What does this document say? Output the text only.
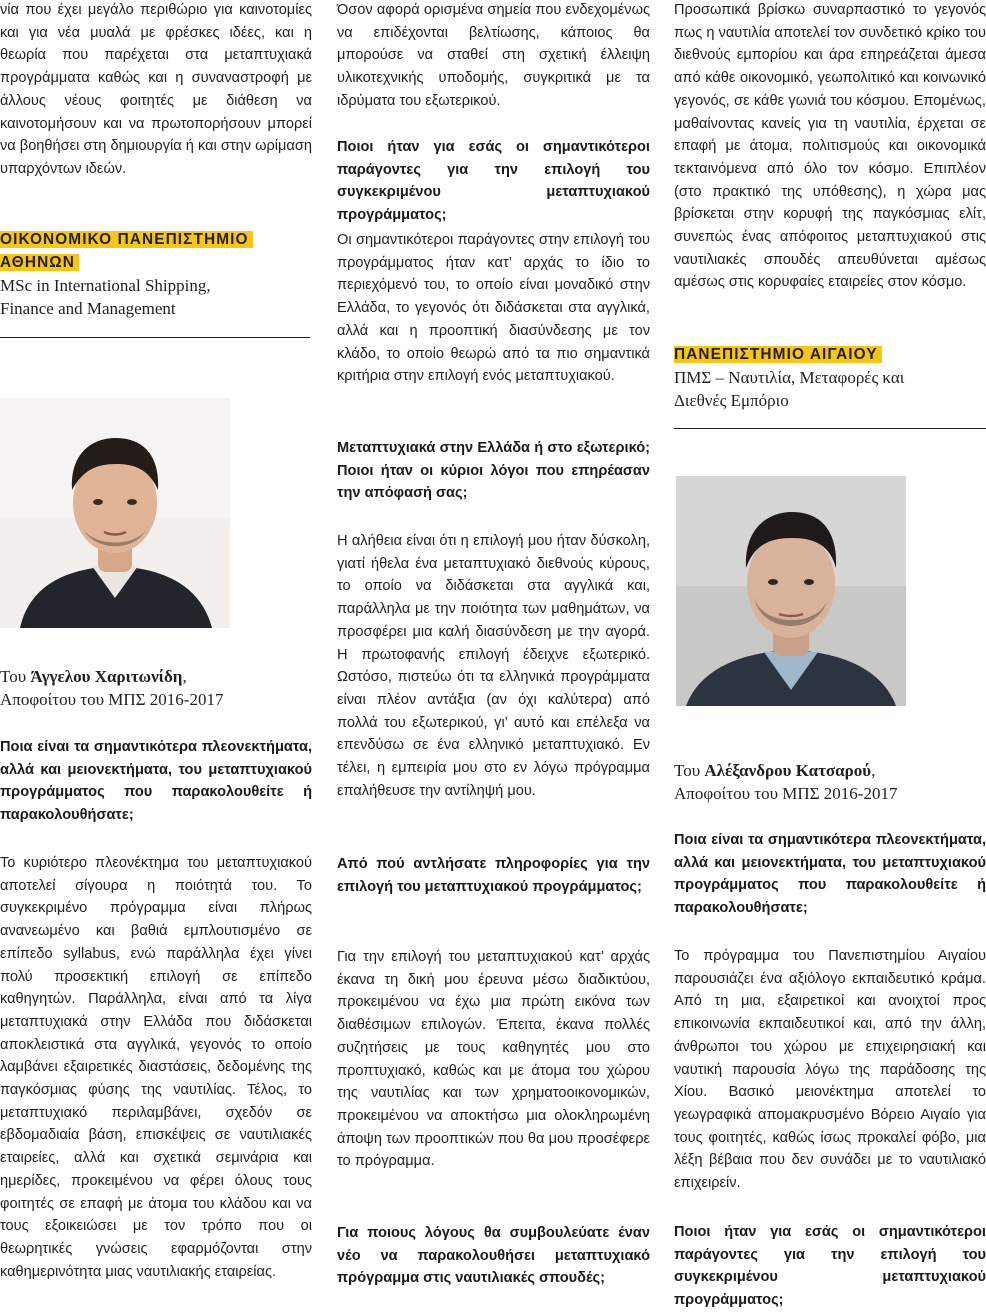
νία που έχει μεγάλο περιθώριο για καινοτομίες και για νέα μυαλά με φρέσκες ιδέες, και η θεωρία που παρέχεται στα μεταπτυχιακά προγράμματα καθώς και η συναναστροφή με άλλους νέους φοιτητές με διάθεση να καινοτομήσουν και να πρωτοπορήσουν μπορεί να βοηθήσει στη δημιουργία ή και στην ωρίμαση υπαρχόντων ιδεών.

ΟΙΚΟΝΟΜΙΚΟ ΠΑΝΕΠΙΣΤΗΜΙΟ
ΑΘΗΝΩΝ
MSc in International Shipping, Finance and Management
Του Άγγελου Χαριτωνίδη,
Αποφοίτου του ΜΠΣ 2016-2017

Ποια είναι τα σημαντικότερα πλεονεκτήματα, αλλά και μειονεκτήματα, του μεταπτυχιακού προγράμματος που παρακολουθείτε ή παρακολουθήσατε;

Το κυριότερο πλεονέκτημα του μεταπτυχιακού αποτελεί σίγουρα η ποιότητά του. Το συγκεκριμένο πρόγραμμα είναι πλήρως ανανεωμένο και βαθιά εμπλουτισμένο σε επίπεδο syllabus, ενώ παράλληλα έχει γίνει πολύ προσεκτική επιλογή σε επίπεδο καθηγητών. Παράλληλα, είναι από τα λίγα μεταπτυχιακά στην Ελλάδα που διδάσκεται αποκλειστικά στα αγγλικά, γεγονός το οποίο λαμβάνει εξαιρετικές διαστάσεις, δεδομένης της παγκόσμιας φύσης της ναυτιλίας. Τέλος, το μεταπτυχιακό περιλαμβάνει, σχεδόν σε εβδομαδιαία βάση, επισκέψεις σε ναυτιλιακές εταιρείες, αλλά και σχετικά σεμινάρια και ημερίδες, προκειμένου να φέρει όλους τους φοιτητές σε επαφή με άτομα του κλάδου και να τους εξοικειώσει με τον τρόπο που οι θεωρητικές γνώσεις εφαρμόζονται στην καθημερινότητα μιας ναυτιλιακής εταιρείας.

Όσον αφορά ορισμένα σημεία που ενδεχομένως να επιδέχονται βελτίωσης, κάποιος θα μπορούσε να σταθεί στη σχετική έλλειψη υλικοτεχνικής υποδομής, συγκριτικά με τα ιδρύματα του εξωτερικού.

Ποιοι ήταν για εσάς οι σημαντικότεροι παράγοντες για την επιλογή του συγκεκριμένου μεταπτυχιακού προγράμματος;

Οι σημαντικότεροι παράγοντες στην επιλογή του προγράμματος ήταν κατ’ αρχάς το ίδιο το περιεχόμενό του, το οποίο είναι μοναδικό στην Ελλάδα, το γεγονός ότι διδάσκεται στα αγγλικά, αλλά και η προοπτική διασύνδεσης με τον κλάδο, το οποίο θεωρώ από τα πιο σημαντικά κριτήρια στην επιλογή ενός μεταπτυχιακού.

Μεταπτυχιακά στην Ελλάδα ή στο εξωτερικό; Ποιοι ήταν οι κύριοι λόγοι που επηρέασαν την απόφασή σας;

Η αλήθεια είναι ότι η επιλογή μου ήταν δύσκολη, γιατί ήθελα ένα μεταπτυχιακό διεθνούς κύρους, το οποίο να διδάσκεται στα αγγλικά και, παράλληλα με την ποιότητα των μαθημάτων, να προσφέρει μια καλή διασύνδεση με την αγορά. Η πρωτοφανής επιλογή έδειχνε εξωτερικό. Ωστόσο, πιστεύω ότι τα ελληνικά προγράμματα είναι πλέον αντάξια (αν όχι καλύτερα) από πολλά του εξωτερικού, γι’ αυτό και επέλεξα να επενδύσω σε ένα ελληνικό μεταπτυχιακό. Εν τέλει, η εμπειρία μου στο εν λόγω πρόγραμμα επαλήθευσε την αντίληψή μου.

Από πού αντλήσατε πληροφορίες για την επιλογή του μεταπτυχιακού προγράμματος;

Για την επιλογή του μεταπτυχιακού κατ’ αρχάς έκανα τη δική μου έρευνα μέσω διαδικτύου, προκειμένου να έχω μια πρώτη εικόνα των διαθέσιμων επιλογών. Έπειτα, έκανα πολλές συζητήσεις με τους καθηγητές μου στο προπτυχιακό, καθώς και με άτομα του χώρου της ναυτιλίας και των χρηματοοικονομικών, προκειμένου να αποκτήσω μια ολοκληρωμένη άποψη των προοπτικών που θα μου προσέφερε το πρόγραμμα.

Για ποιους λόγους θα συμβουλεύατε έναν νέο να παρακολουθήσει μεταπτυχιακό πρόγραμμα στις ναυτιλιακές σπουδές;

Προσωπικά βρίσκω συναρπαστικό το γεγονός πως η ναυτιλία αποτελεί τον συνδετικό κρίκο του διεθνούς εμπορίου και άρα επηρεάζεται άμεσα από κάθε οικονομικό, γεωπολιτικό και κοινωνικό γεγονός, σε κάθε γωνιά του κόσμου. Επομένως, μαθαίνοντας κανείς για τη ναυτιλία, έρχεται σε επαφή με άτομα, πολιτισμούς και οικονομικά τεκταινόμενα από όλο τον κόσμο. Επιπλέον (στο πρακτικό της υπόθεσης), η χώρα μας βρίσκεται στην κορυφή της παγκόσμιας ελίτ, συνεπώς ένας απόφοιτος μεταπτυχιακού στις ναυτιλιακές σπουδές απευθύνεται αμέσως αμέσως στις κορυφαίες εταιρείες στον κόσμο.

ΠΑΝΕΠΙΣΤΗΜΙΟ ΑΙΓΑΙΟΥ
ΠΜΣ – Ναυτιλία, Μεταφορές και Διεθνές Εμπόριο
Του Αλέξανδρου Κατσαρού,
Αποφοίτου του ΜΠΣ 2016-2017

Ποια είναι τα σημαντικότερα πλεονεκτήματα, αλλά και μειονεκτήματα, του μεταπτυχιακού προγράμματος που παρακολουθείτε ή παρακολουθήσατε;

Το πρόγραμμα του Πανεπιστημίου Αιγαίου παρουσιάζει ένα αξιόλογο εκπαιδευτικό κράμα. Από τη μια, εξαιρετικοί και ανοιχτοί προς επικοινωνία εκπαιδευτικοί και, από την άλλη, άνθρωποι του χώρου με επιχειρησιακή και ναυτική παρουσία λόγω της παράδοσης της Χίου. Βασικό μειονέκτημα αποτελεί το γεωγραφικά απομακρυσμένο Βόρειο Αιγαίο για τους φοιτητές, καθώς ίσως προκαλεί φόβο, μια λέξη βέβαια που δεν συνάδει με το ναυτιλιακό επιχειρείν.

Ποιοι ήταν για εσάς οι σημαντικότεροι παράγοντες για την επιλογή του συγκεκριμένου μεταπτυχιακού προγράμματος;
